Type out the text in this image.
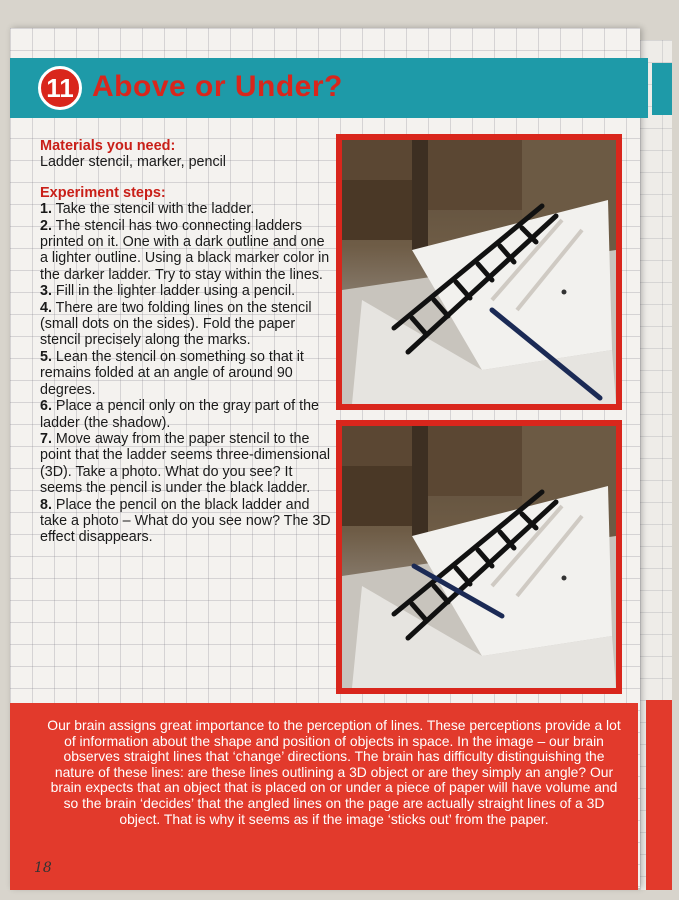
11 Above or Under?
Materials you need:
Ladder stencil, marker, pencil
Experiment steps:
1. Take the stencil with the ladder.
2. The stencil has two connecting ladders printed on it. One with a dark outline and one a lighter outline. Using a black marker color in the darker ladder. Try to stay within the lines.
3. Fill in the lighter ladder using a pencil.
4. There are two folding lines on the stencil (small dots on the sides). Fold the paper stencil precisely along the marks.
5. Lean the stencil on something so that it remains folded at an angle of around 90 degrees.
6. Place a pencil only on the gray part of the ladder (the shadow).
7. Move away from the paper stencil to the point that the ladder seems three-dimensional (3D). Take a photo. What do you see? It seems the pencil is under the black ladder.
8. Place the pencil on the black ladder and take a photo – What do you see now? The 3D effect disappears.
Our brain assigns great importance to the perception of lines. These perceptions provide a lot of information about the shape and position of objects in space. In the image – our brain observes straight lines that ‘change’ directions. The brain has difficulty distinguishing the nature of these lines: are these lines outlining a 3D object or are they simply an angle? Our brain expects that an object that is placed on or under a piece of paper will have volume and so the brain ‘decides’ that the angled lines on the page are actually straight lines of a 3D object. That is why it seems as if the image ‘sticks out’ from the paper.
18
